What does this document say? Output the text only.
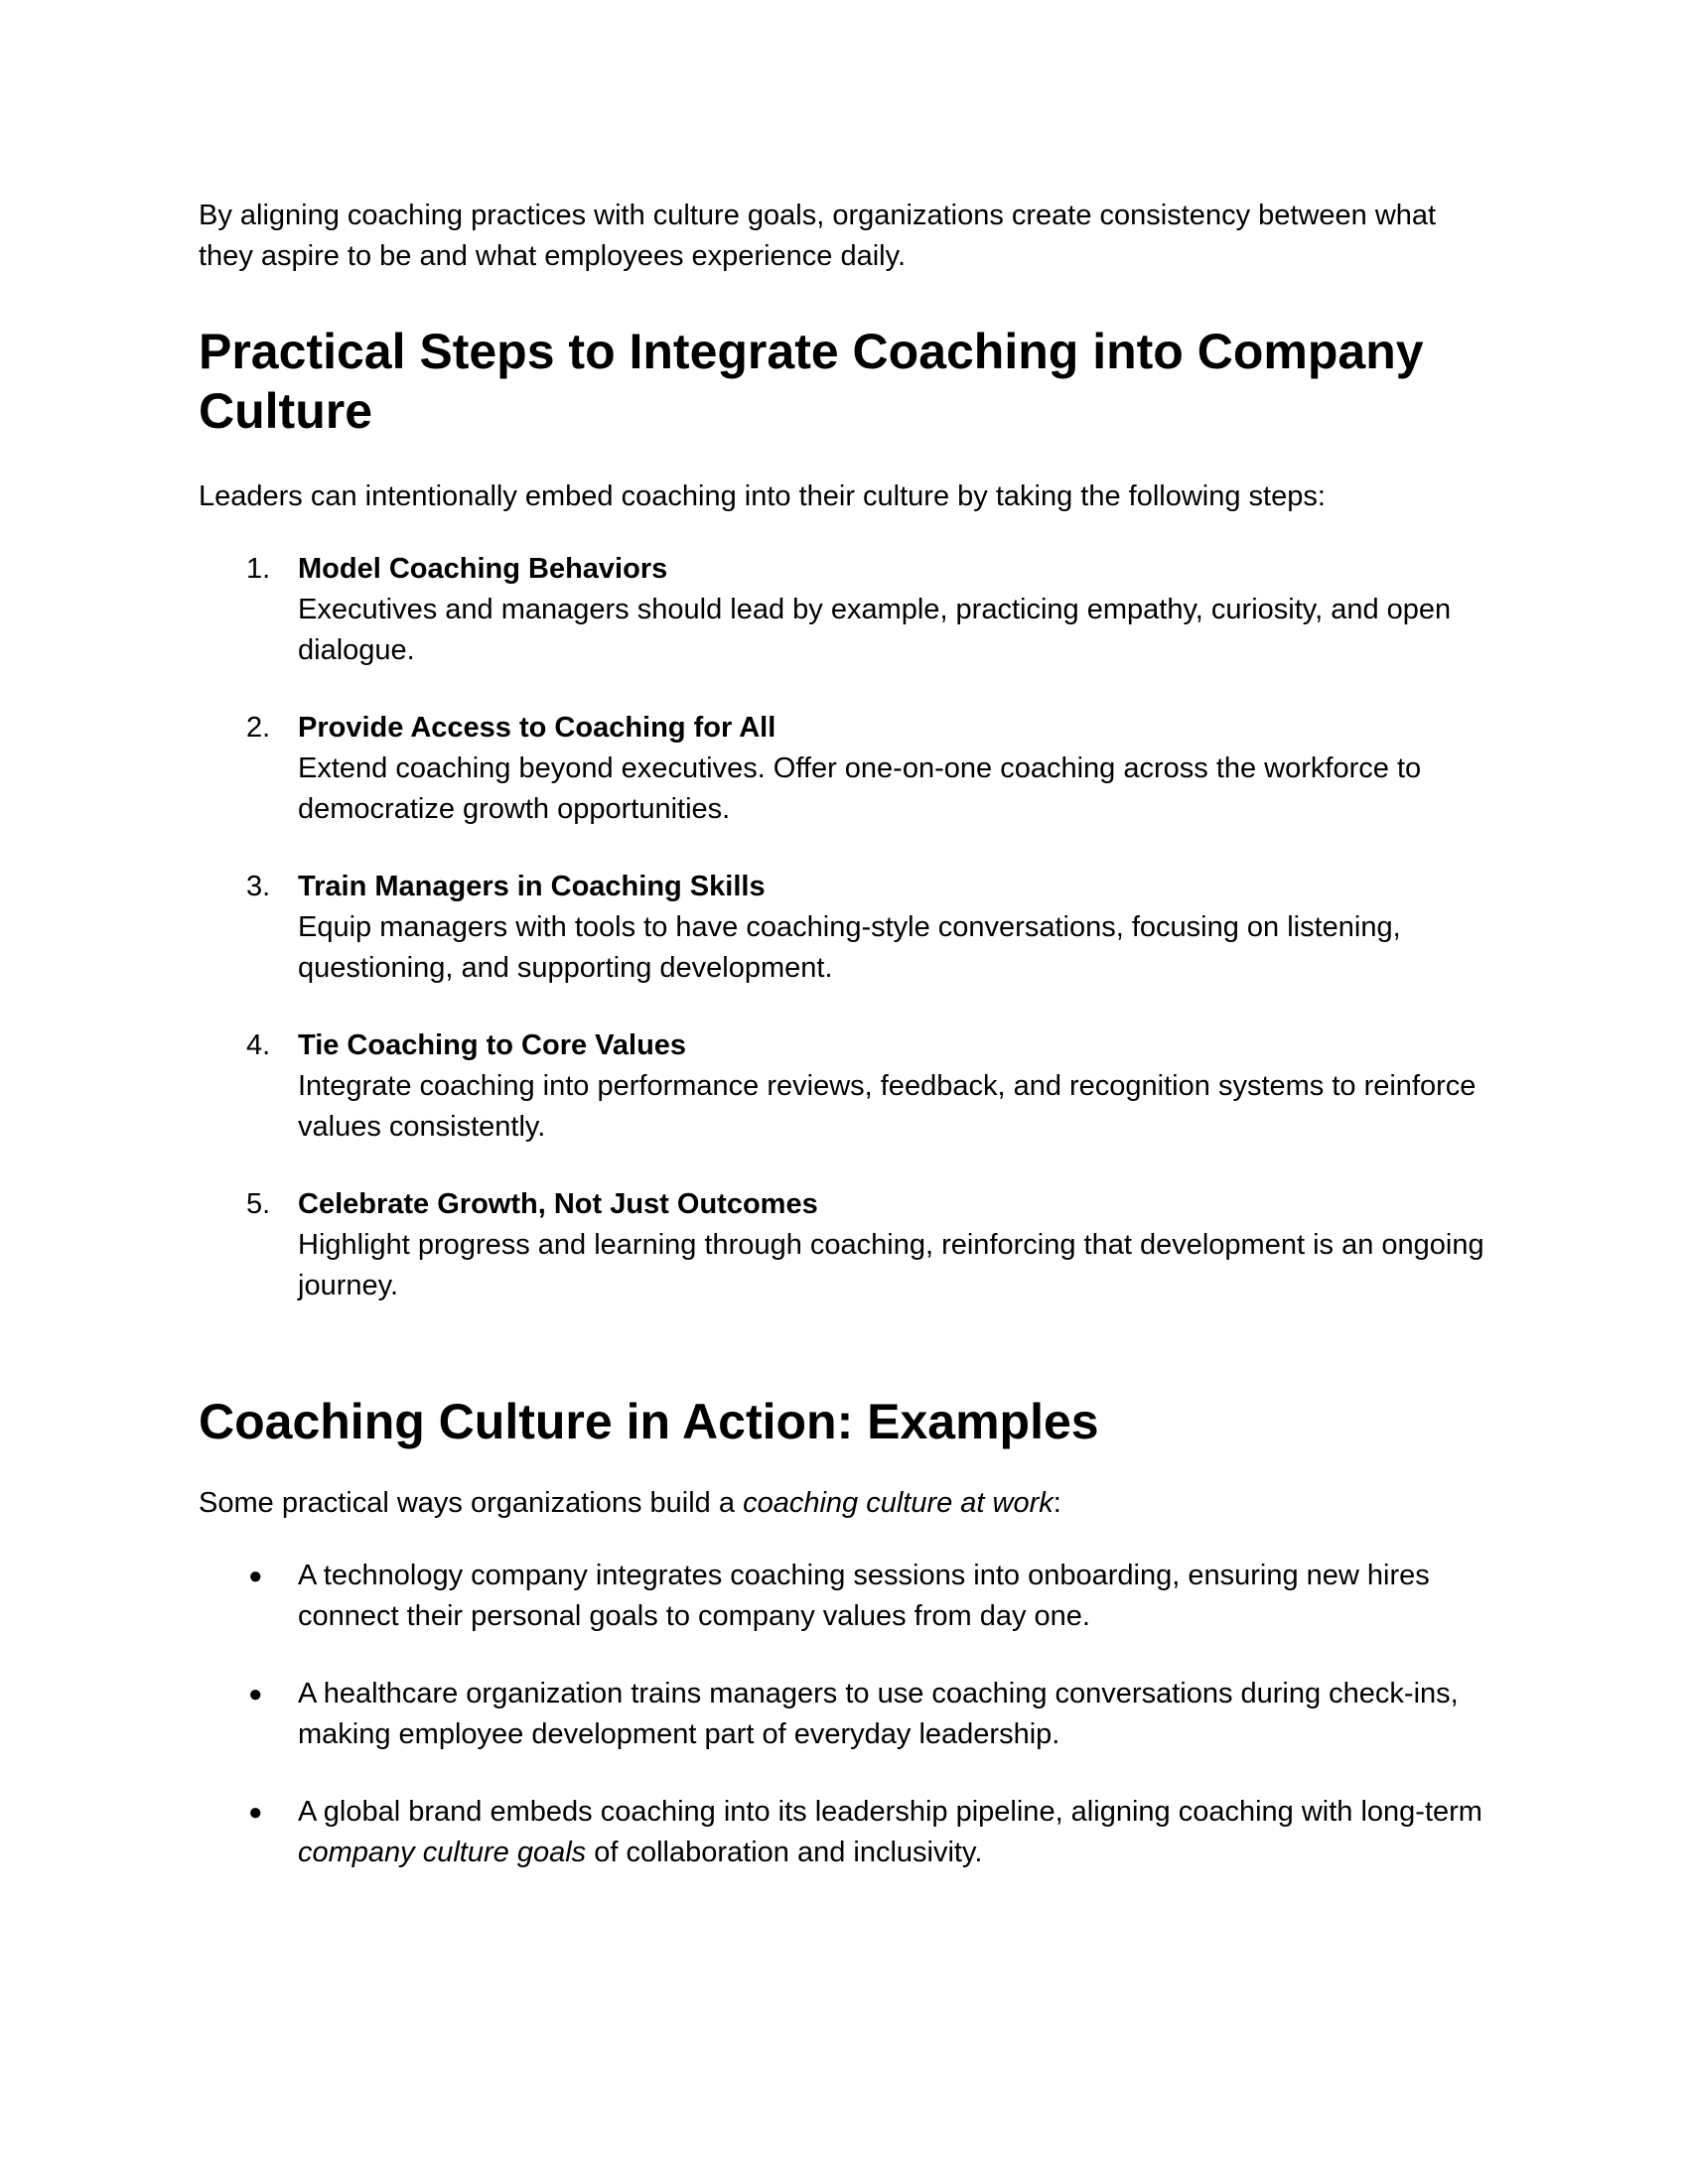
By aligning coaching practices with culture goals, organizations create consistency between what they aspire to be and what employees experience daily.

Practical Steps to Integrate Coaching into Company Culture

Leaders can intentionally embed coaching into their culture by taking the following steps:

1. Model Coaching Behaviors
Executives and managers should lead by example, practicing empathy, curiosity, and open dialogue.
2. Provide Access to Coaching for All
Extend coaching beyond executives. Offer one-on-one coaching across the workforce to democratize growth opportunities.
3. Train Managers in Coaching Skills
Equip managers with tools to have coaching-style conversations, focusing on listening, questioning, and supporting development.
4. Tie Coaching to Core Values
Integrate coaching into performance reviews, feedback, and recognition systems to reinforce values consistently.
5. Celebrate Growth, Not Just Outcomes
Highlight progress and learning through coaching, reinforcing that development is an ongoing journey.
Coaching Culture in Action: Examples

Some practical ways organizations build a coaching culture at work:

●	A technology company integrates coaching sessions into onboarding, ensuring new hires connect their personal goals to company values from day one.
●	A healthcare organization trains managers to use coaching conversations during check-ins, making employee development part of everyday leadership.
●	A global brand embeds coaching into its leadership pipeline, aligning coaching with long-term company culture goals of collaboration and inclusivity.
